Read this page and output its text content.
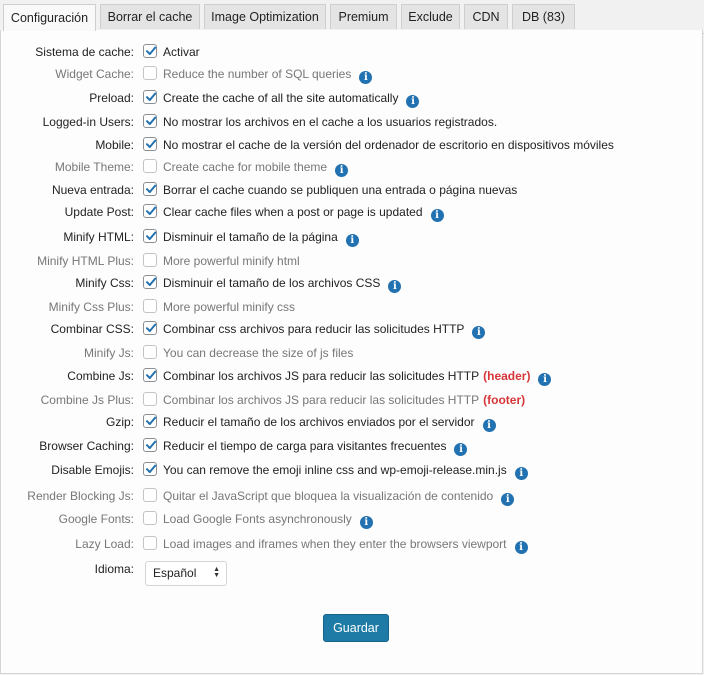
Configuración Borrar el cache Image Optimization Premium Exclude CDN DB (83)
Sistema de cache: Activar
Widget Cache: Reduce the number of SQL queries i
Preload: Create the cache of all the site automatically i
Logged-in Users: No mostrar los archivos en el cache a los usuarios registrados.
Mobile: No mostrar el cache de la versión del ordenador de escritorio en dispositivos móviles
Mobile Theme: Create cache for mobile theme i
Nueva entrada: Borrar el cache cuando se publiquen una entrada o página nuevas
Update Post: Clear cache files when a post or page is updated i
Minify HTML: Disminuir el tamaño de la página i
Minify HTML Plus: More powerful minify html
Minify Css: Disminuir el tamaño de los archivos CSS i
Minify Css Plus: More powerful minify css
Combinar CSS: Combinar css archivos para reducir las solicitudes HTTP i
Minify Js: You can decrease the size of js files
Combine Js: Combinar los archivos JS para reducir las solicitudes HTTP (header) i
Combine Js Plus: Combinar los archivos JS para reducir las solicitudes HTTP (footer)
Gzip: Reducir el tamaño de los archivos enviados por el servidor i
Browser Caching: Reducir el tiempo de carga para visitantes frecuentes i
Disable Emojis: You can remove the emoji inline css and wp-emoji-release.min.js i
Render Blocking Js: Quitar el JavaScript que bloquea la visualización de contenido i
Google Fonts: Load Google Fonts asynchronously i
Lazy Load: Load images and iframes when they enter the browsers viewport i
Idioma: Español ▲
▼
Guardar
